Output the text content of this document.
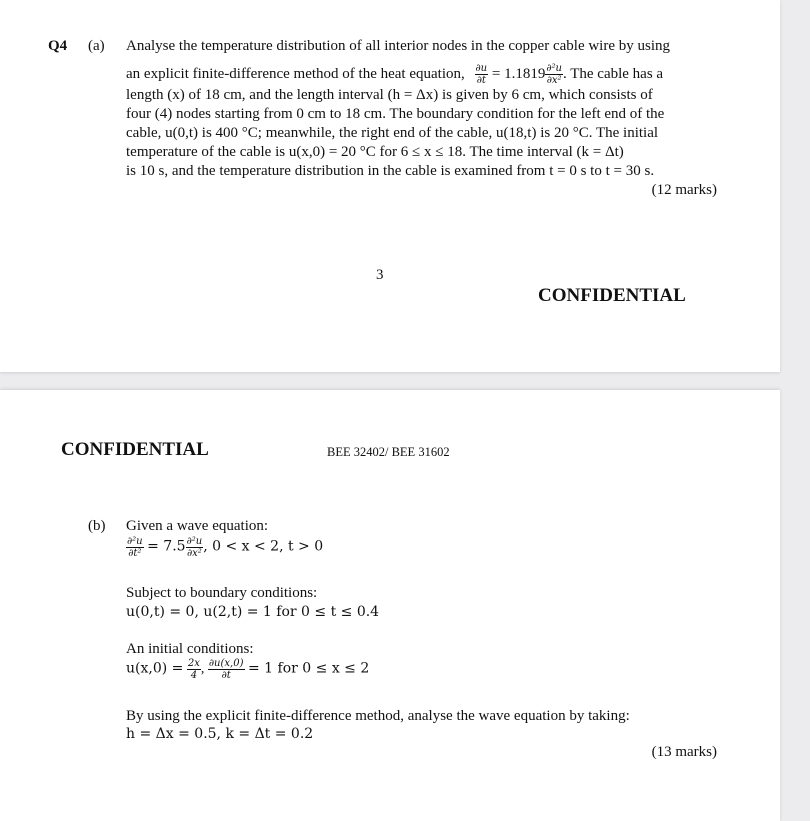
Q4 (a) Analyse the temperature distribution of all interior nodes in the copper cable wire by using
an explicit finite-difference method of the heat equation, $\frac{\partial u}{\partial t} = 1.1819 \frac{\text{∂²u}}{\text{∂x²}}$ . The cable has a
length (x) of 18 cm, and the length interval (h = Δx) is given by 6 cm, which consists of
four (4) nodes starting from 0 cm to 18 cm. The boundary condition for the left end of the
cable, u(0,t) is 400 °C; meanwhile, the right end of the cable, u(18,t) is 20 °C. The initial
temperature of the cable is u(x,0) = 20 °C for 6 ≤ x ≤ 18. The time interval (k = Δt)
is 10 s, and the temperature distribution in the cable is examined from t = 0 s to t = 30 s.
(12 marks)
3
CONFIDENTIAL
CONFIDENTIAL	BEE 32402/ BEE 31602
(b) Given a wave equation:
$\frac{\text{∂²u}}{\text{∂t²}} = 7.5 \frac{\text{∂²u}}{\text{∂x²}}$ , 0 < x < 2, t > 0
Subject to boundary conditions:
u(0,t) = 0, u(2,t) = 1 for 0 ≤ t ≤ 0.4
An initial conditions:
$u(x,0) = \frac{2x}{4}$ , $\frac{\partial u(x,0)}{\partial t} = 1$ for 0 ≤ x ≤ 2
By using the explicit finite-difference method, analyse the wave equation by taking:
h = Δx = 0.5, k = Δt = 0.2
(13 marks)
